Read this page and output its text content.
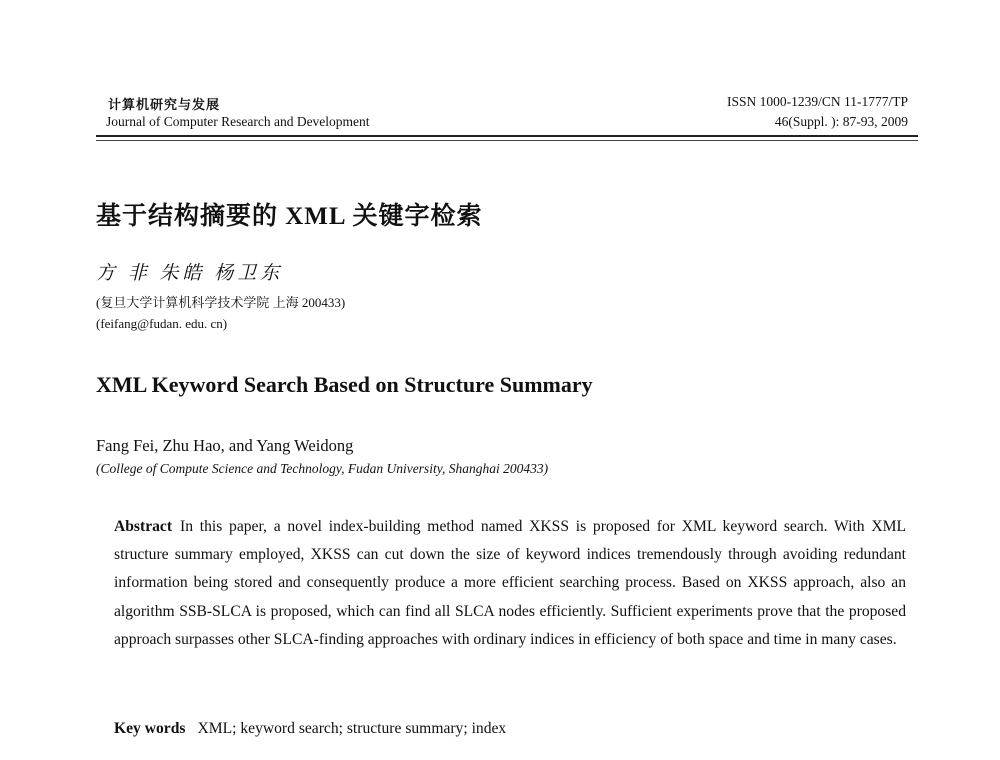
计算机研究与发展
Journal of Computer Research and Development
ISSN 1000-1239/CN 11-1777/TP
46(Suppl. ): 87-93, 2009
基于结构摘要的 XML 关键字检索
方 非 朱皓 杨卫东
(复旦大学计算机科学技术学院 上海 200433)
(feifang@fudan. edu. cn)
XML Keyword Search Based on Structure Summary
Fang Fei, Zhu Hao, and Yang Weidong
(College of Compute Science and Technology, Fudan University, Shanghai 200433)
Abstract In this paper, a novel index-building method named XKSS is proposed for XML keyword search. With XML structure summary employed, XKSS can cut down the size of keyword indices tremendously through avoiding redundant information being stored and consequently produce a more efficient searching process. Based on XKSS approach, also an algorithm SSB-SLCA is proposed, which can find all SLCA nodes efficiently. Sufficient experiments prove that the proposed approach surpasses other SLCA-finding approaches with ordinary indices in efficiency of both space and time in many cases.
Key words XML; keyword search; structure summary; index
